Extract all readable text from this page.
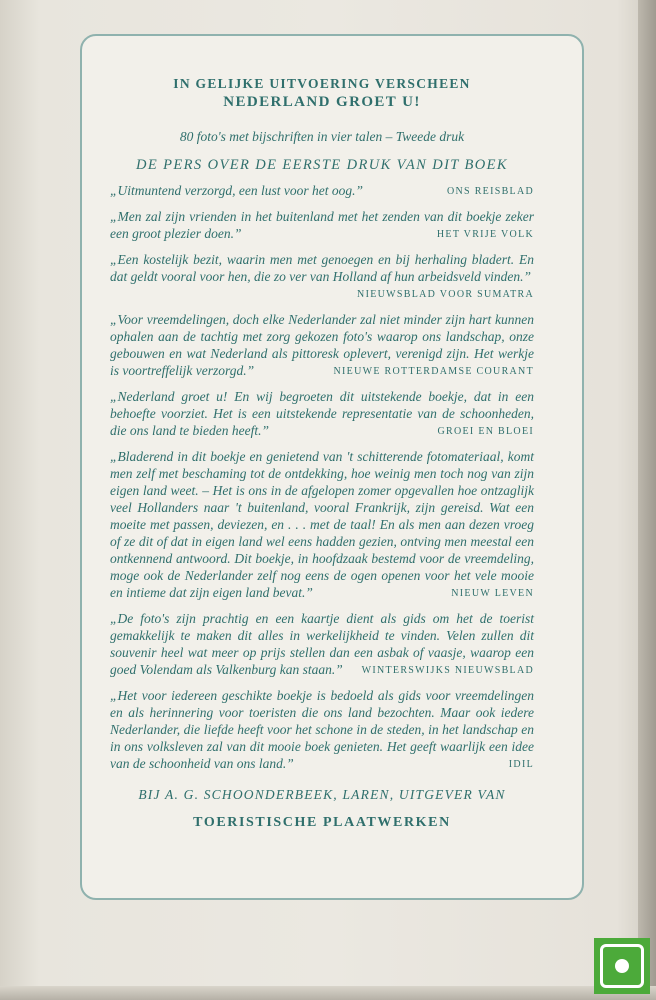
IN GELIJKE UITVOERING VERSCHEEN
NEDERLAND GROET U!
80 foto's met bijschriften in vier talen – Tweede druk
DE PERS OVER DE EERSTE DRUK VAN DIT BOEK
„Uitmuntend verzorgd, een lust voor het oog.”	ONS REISBLAD
„Men zal zijn vrienden in het buitenland met het zenden van dit boekje zeker een groot plezier doen.”	HET VRIJE VOLK
„Een kostelijk bezit, waarin men met genoegen en bij herhaling bladert. En dat geldt vooral voor hen, die zo ver van Holland af hun arbeidsveld vinden.”
NIEUWSBLAD VOOR SUMATRA
„Voor vreemdelingen, doch elke Nederlander zal niet minder zijn hart kunnen ophalen aan de tachtig met zorg gekozen foto's waarop ons landschap, onze gebouwen en wat Nederland als pittoresk oplevert, verenigd zijn. Het werkje is voortreffelijk verzorgd.”	NIEUWE ROTTERDAMSE COURANT
„Nederland groet u! En wij begroeten dit uitstekende boekje, dat in een behoefte voorziet. Het is een uitstekende representatie van de schoonheden, die ons land te bieden heeft.”	GROEI EN BLOEI
„Bladerend in dit boekje en genietend van 't schitterende fotomateriaal, komt men zelf met beschaming tot de ontdekking, hoe weinig men toch nog van zijn eigen land weet. – Het is ons in de afgelopen zomer opgevallen hoe ontzaglijk veel Hollanders naar 't buitenland, vooral Frankrijk, zijn gereisd. Wat een moeite met passen, deviezen, en . . . met de taal! En als men aan dezen vroeg of ze dit of dat in eigen land wel eens hadden gezien, ontving men meestal een ontkennend antwoord. Dit boekje, in hoofdzaak bestemd voor de vreemdeling, moge ook de Nederlander zelf nog eens de ogen openen voor het vele mooie en intieme dat zijn eigen land bevat.”	NIEUW LEVEN
„De foto's zijn prachtig en een kaartje dient als gids om het de toerist gemakkelijk te maken dit alles in werkelijkheid te vinden. Velen zullen dit souvenir heel wat meer op prijs stellen dan een asbak of vaasje, waarop een goed Volendam als Valkenburg kan staan.” WINTERSWIJKS NIEUWSBLAD
„Het voor iedereen geschikte boekje is bedoeld als gids voor vreemdelingen en als herinnering voor toeristen die ons land bezochten. Maar ook iedere Nederlander, die liefde heeft voor het schone in de steden, in het landschap en in ons volksleven zal van dit mooie boek genieten. Het geeft waarlijk een idee van de schoonheid van ons land.”	IDIL
BIJ A. G. SCHOONDERBEEK, LAREN, UITGEVER VAN
TOERISTISCHE PLAATWERKEN
